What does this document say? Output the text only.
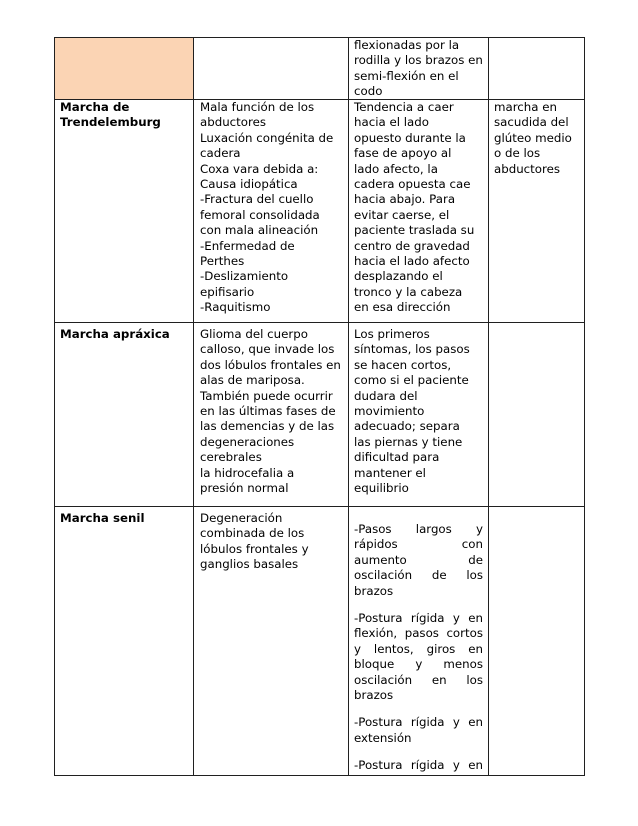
flexionadas por la
rodilla y los brazos en
semi-flexión en el
codo
Marcha de
Trendelemburg
Mala función de los
abductores
Luxación congénita de
cadera
Coxa vara debida a:
Causa idiopática
-Fractura del cuello
femoral consolidada
con mala alineación
-Enfermedad de
Perthes
-Deslizamiento
epifisario
-Raquitismo
Tendencia a caer
hacia el lado
opuesto durante la
fase de apoyo al
lado afecto, la
cadera opuesta cae
hacia abajo. Para
evitar caerse, el
paciente traslada su
centro de gravedad
hacia el lado afecto
desplazando el
tronco y la cabeza
en esa dirección
marcha en
sacudida del
glúteo medio
o de los
abductores
Marcha apráxica	Glioma del cuerpo
calloso, que invade los
dos lóbulos frontales en
alas de mariposa.
También puede ocurrir
en las últimas fases de
las demencias y de las
degeneraciones
cerebrales
la hidrocefalia a
presión normal
Los primeros
síntomas, los pasos
se hacen cortos,
como si el paciente
dudara del
movimiento
adecuado; separa
las piernas y tiene
dificultad para
mantener el
equilibrio
Marcha senil	Degeneración
combinada de los
lóbulos frontales y
ganglios basales
-Pasos largos y
rápidos con
aumento de
oscilación de los
brazos
-Postura rígida y en
flexión, pasos cortos
y lentos, giros en
bloque y menos
oscilación en los
brazos
-Postura rígida y en
extensión
-Postura rígida y en
